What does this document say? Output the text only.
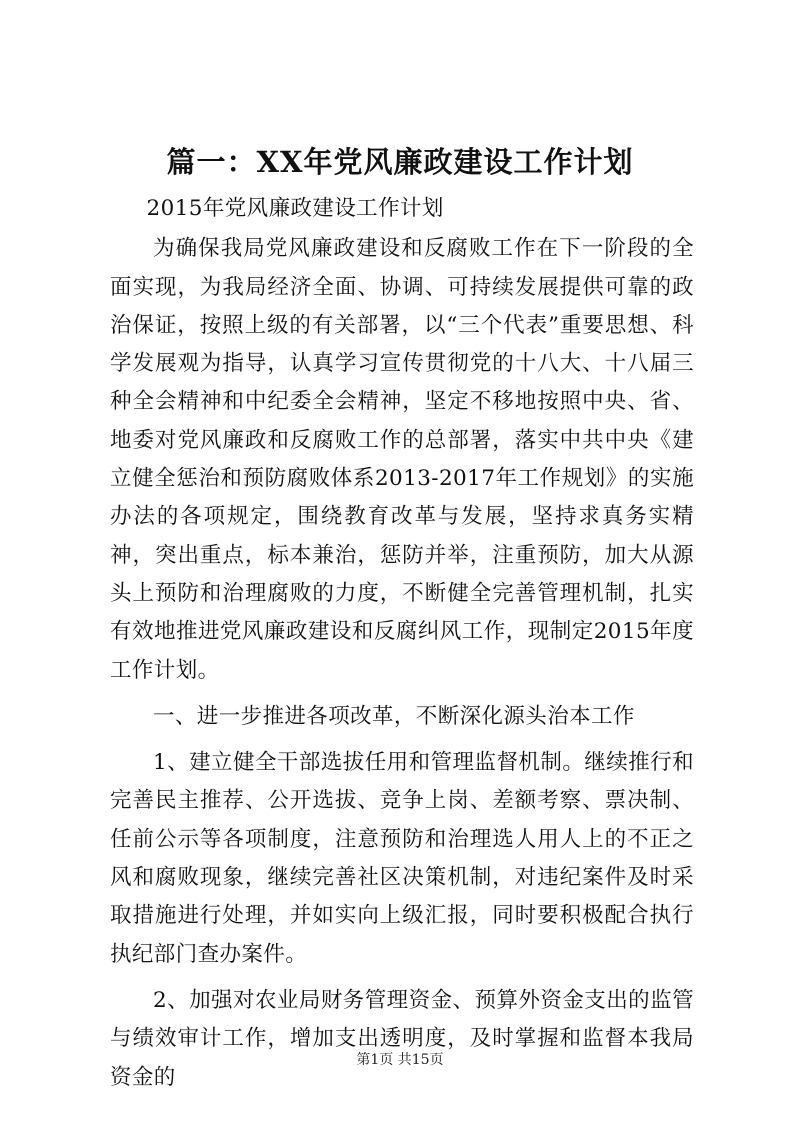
篇一：XX年党风廉政建设工作计划

2015年党风廉政建设工作计划

为确保我局党风廉政建设和反腐败工作在下一阶段的全面实现，为我局经济全面、协调、可持续发展提供可靠的政治保证，按照上级的有关部署，以“三个代表”重要思想、科学发展观为指导，认真学习宣传贯彻党的十八大、十八届三种全会精神和中纪委全会精神，坚定不移地按照中央、省、地委对党风廉政和反腐败工作的总部署，落实中共中央《建立健全惩治和预防腐败体系2013-2017年工作规划》的实施办法的各项规定，围绕教育改革与发展，坚持求真务实精神，突出重点，标本兼治，惩防并举，注重预防，加大从源头上预防和治理腐败的力度，不断健全完善管理机制，扎实有效地推进党风廉政建设和反腐纠风工作，现制定2015年度工作计划。

一、进一步推进各项改革，不断深化源头治本工作

1、建立健全干部选拔任用和管理监督机制。继续推行和完善民主推荐、公开选拔、竞争上岗、差额考察、票决制、任前公示等各项制度，注意预防和治理选人用人上的不正之风和腐败现象，继续完善社区决策机制，对违纪案件及时采取措施进行处理，并如实向上级汇报，同时要积极配合执行执纪部门查办案件。

2、加强对农业局财务管理资金、预算外资金支出的监管与绩效审计工作，增加支出透明度，及时掌握和监督本我局资金的

第1页 共15页
